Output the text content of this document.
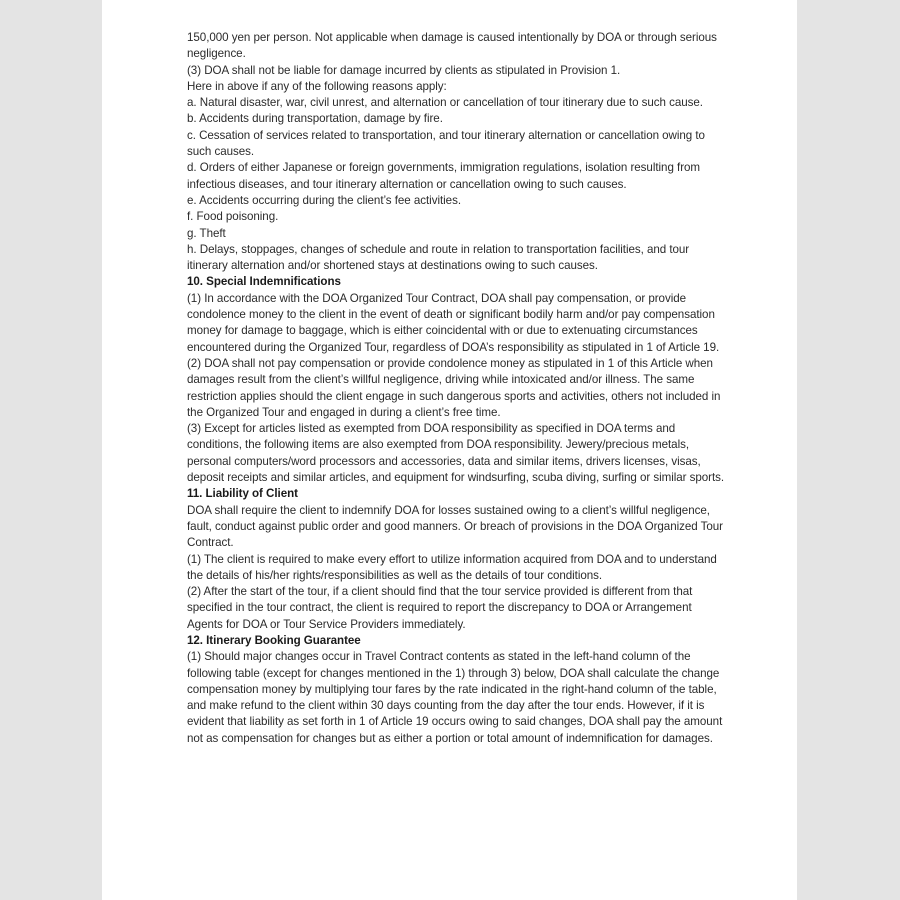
150,000 yen per person. Not applicable when damage is caused intentionally by DOA or through serious negligence.

(3) DOA shall not be liable for damage incurred by clients as stipulated in Provision 1.

Here in above if any of the following reasons apply:

a. Natural disaster, war, civil unrest, and alternation or cancellation of tour itinerary due to such cause.

b. Accidents during transportation, damage by fire.

c. Cessation of services related to transportation, and tour itinerary alternation or cancellation owing to such causes.

d. Orders of either Japanese or foreign governments, immigration regulations, isolation resulting from infectious diseases, and tour itinerary alternation or cancellation owing to such causes.

e. Accidents occurring during the client’s fee activities.

f. Food poisoning.

g. Theft

h. Delays, stoppages, changes of schedule and route in relation to transportation facilities, and tour itinerary alternation and/or shortened stays at destinations owing to such causes.

10. Special Indemnifications

(1) In accordance with the DOA Organized Tour Contract, DOA shall pay compensation, or provide condolence money to the client in the event of death or significant bodily harm and/or pay compensation money for damage to baggage, which is either coincidental with or due to extenuating circumstances encountered during the Organized Tour, regardless of DOA’s responsibility as stipulated in 1 of Article 19.

(2) DOA shall not pay compensation or provide condolence money as stipulated in 1 of this Article when damages result from the client’s willful negligence, driving while intoxicated and/or illness. The same restriction applies should the client engage in such dangerous sports and activities, others not included in the Organized Tour and engaged in during a client’s free time.

(3) Except for articles listed as exempted from DOA responsibility as specified in DOA terms and conditions, the following items are also exempted from DOA responsibility. Jewery/precious metals, personal computers/word processors and accessories, data and similar items, drivers licenses, visas, deposit receipts and similar articles, and equipment for windsurfing, scuba diving, surfing or similar sports.

11. Liability of Client

DOA shall require the client to indemnify DOA for losses sustained owing to a client’s willful negligence, fault, conduct against public order and good manners. Or breach of provisions in the DOA Organized Tour Contract.

(1) The client is required to make every effort to utilize information acquired from DOA and to understand the details of his/her rights/responsibilities as well as the details of tour conditions.

(2) After the start of the tour, if a client should find that the tour service provided is different from that specified in the tour contract, the client is required to report the discrepancy to DOA or Arrangement Agents for DOA or Tour Service Providers immediately.

12. Itinerary Booking Guarantee

(1) Should major changes occur in Travel Contract contents as stated in the left-hand column of the following table (except for changes mentioned in the 1) through 3) below, DOA shall calculate the change compensation money by multiplying tour fares by the rate indicated in the right-hand column of the table, and make refund to the client within 30 days counting from the day after the tour ends. However, if it is evident that liability as set forth in 1 of Article 19 occurs owing to said changes, DOA shall pay the amount not as compensation for changes but as either a portion or total amount of indemnification for damages.
